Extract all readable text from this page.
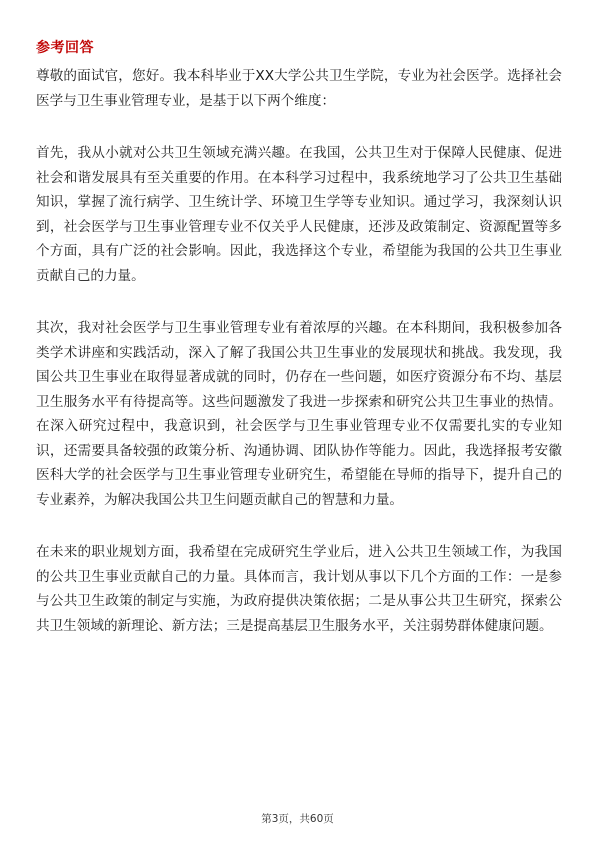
参考回答

尊敬的面试官，您好。我本科毕业于XX大学公共卫生学院，专业为社会医学。选择社会医学与卫生事业管理专业，是基于以下两个维度：

首先，我从小就对公共卫生领域充满兴趣。在我国，公共卫生对于保障人民健康、促进社会和谐发展具有至关重要的作用。在本科学习过程中，我系统地学习了公共卫生基础知识，掌握了流行病学、卫生统计学、环境卫生学等专业知识。通过学习，我深刻认识到，社会医学与卫生事业管理专业不仅关乎人民健康，还涉及政策制定、资源配置等多个方面，具有广泛的社会影响。因此，我选择这个专业，希望能为我国的公共卫生事业贡献自己的力量。

其次，我对社会医学与卫生事业管理专业有着浓厚的兴趣。在本科期间，我积极参加各类学术讲座和实践活动，深入了解了我国公共卫生事业的发展现状和挑战。我发现，我国公共卫生事业在取得显著成就的同时，仍存在一些问题，如医疗资源分布不均、基层卫生服务水平有待提高等。这些问题激发了我进一步探索和研究公共卫生事业的热情。在深入研究过程中，我意识到，社会医学与卫生事业管理专业不仅需要扎实的专业知识，还需要具备较强的政策分析、沟通协调、团队协作等能力。因此，我选择报考安徽医科大学的社会医学与卫生事业管理专业研究生，希望能在导师的指导下，提升自己的专业素养，为解决我国公共卫生问题贡献自己的智慧和力量。

在未来的职业规划方面，我希望在完成研究生学业后，进入公共卫生领域工作，为我国的公共卫生事业贡献自己的力量。具体而言，我计划从事以下几个方面的工作：一是参与公共卫生政策的制定与实施，为政府提供决策依据；二是从事公共卫生研究，探索公共卫生领域的新理论、新方法；三是提高基层卫生服务水平，关注弱势群体健康问题。

第3页，共60页
